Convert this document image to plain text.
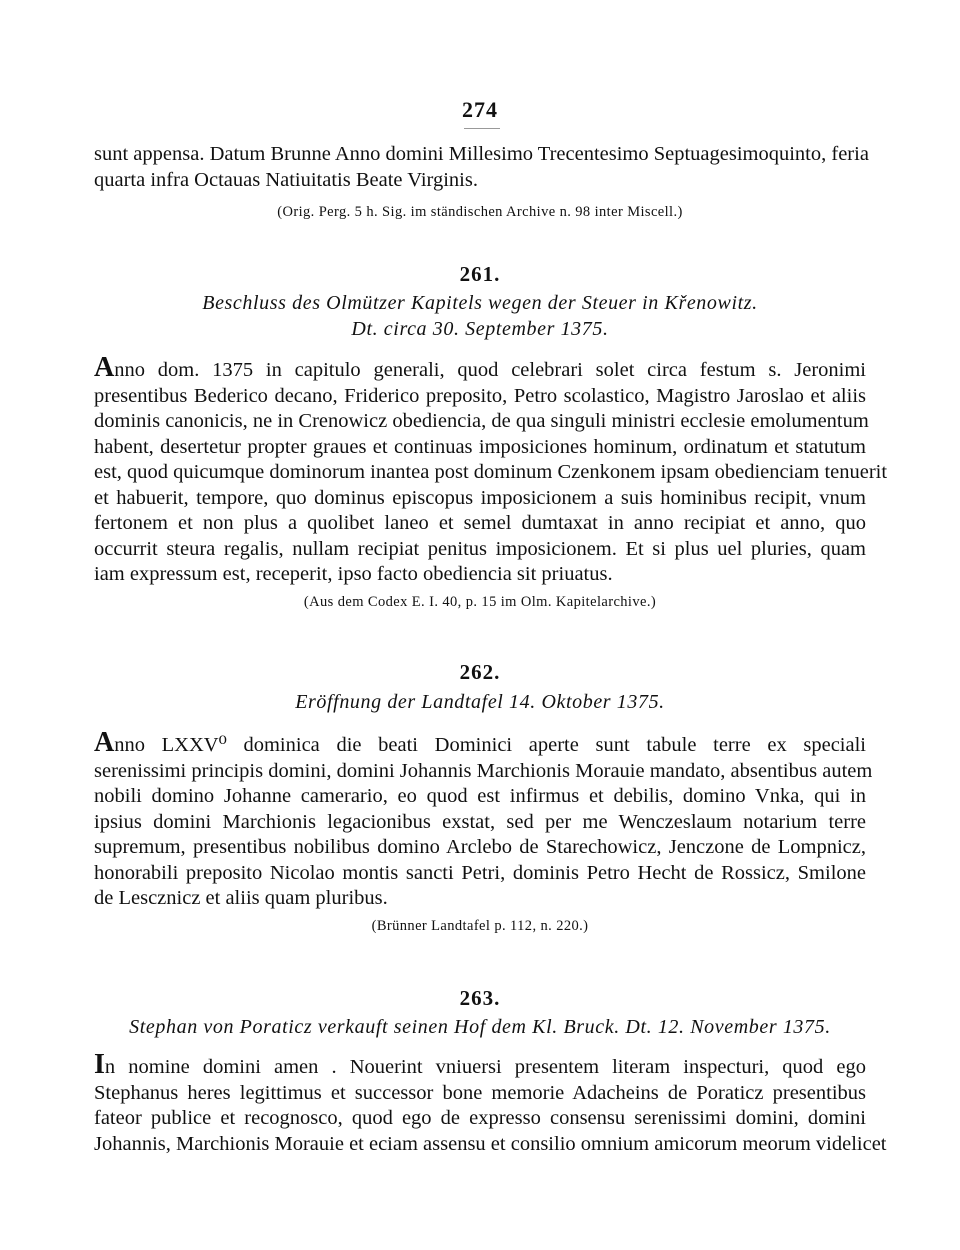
274
sunt appensa. Datum Brunne Anno domini Millesimo Trecentesimo Septuagesimoquinto, feria
quarta infra Octauas Natiuitatis Beate Virginis.

(Orig. Perg. 5 h. Sig. im ständischen Archive n. 98 inter Miscell.)

261.

Beschluss des Olmützer Kapitels wegen der Steuer in Křenowitz.

Dt. circa 30. September 1375.

Anno dom. 1375 in capitulo generali, quod celebrari solet circa festum s. Jeronimi
presentibus Bederico decano, Friderico preposito, Petro scolastico, Magistro Jaroslao et aliis
dominis canonicis, ne in Crenowicz obediencia, de qua singuli ministri ecclesie emolumentum
habent, desertetur propter graues et continuas imposiciones hominum, ordinatum et statutum
est, quod quicumque dominorum inantea post dominum Czenkonem ipsam obedienciam tenuerit
et habuerit, tempore, quo dominus episcopus imposicionem a suis hominibus recipit, vnum
fertonem et non plus a quolibet laneo et semel dumtaxat in anno recipiat et anno, quo
occurrit steura regalis, nullam recipiat penitus imposicionem. Et si plus uel pluries, quam
iam expressum est, receperit, ipso facto obediencia sit priuatus.

(Aus dem Codex E. I. 40, p. 15 im Olm. Kapitelarchive.)

262.

Eröffnung der Landtafel 14. Oktober 1375.

Anno LXXV⁰ dominica die beati Dominici aperte sunt tabule terre ex speciali
serenissimi principis domini, domini Johannis Marchionis Morauie mandato, absentibus autem
nobili domino Johanne camerario, eo quod est infirmus et debilis, domino Vnka, qui in
ipsius domini Marchionis legacionibus exstat, sed per me Wenczeslaum notarium terre
supremum, presentibus nobilibus domino Arclebo de Starechowicz, Jenczone de Lompnicz,
honorabili preposito Nicolao montis sancti Petri, dominis Petro Hecht de Rossicz, Smilone
de Lescznicz et aliis quam pluribus.

(Brünner Landtafel p. 112, n. 220.)

263.

Stephan von Poraticz verkauft seinen Hof dem Kl. Bruck. Dt. 12. November 1375.

In nomine domini amen . Nouerint vniuersi presentem literam inspecturi, quod ego
Stephanus heres legittimus et successor bone memorie Adacheins de Poraticz presentibus
fateor publice et recognosco, quod ego de expresso consensu serenissimi domini, domini
Johannis, Marchionis Morauie et eciam assensu et consilio omnium amicorum meorum videlicet
